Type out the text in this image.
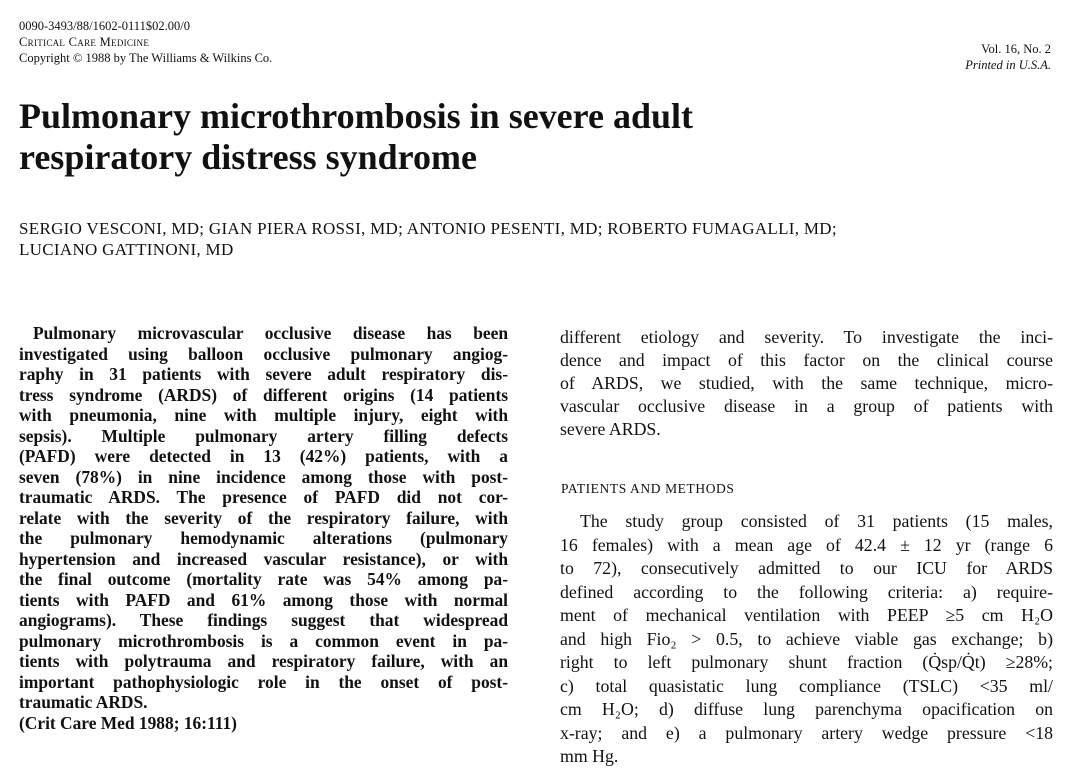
0090-3493/88/1602-0111$02.00/0
Critical Care Medicine
Copyright © 1988 by The Williams & Wilkins Co.
Vol. 16, No. 2
Printed in U.S.A.
Pulmonary microthrombosis in severe adult
respiratory distress syndrome
SERGIO VESCONI, MD; GIAN PIERA ROSSI, MD; ANTONIO PESENTI, MD; ROBERTO FUMAGALLI, MD;
LUCIANO GATTINONI, MD
Pulmonary microvascular occlusive disease has been
investigated using balloon occlusive pulmonary angiog-
raphy in 31 patients with severe adult respiratory dis-
tress syndrome (ARDS) of different origins (14 patients
with pneumonia, nine with multiple injury, eight with
sepsis). Multiple pulmonary artery filling defects
(PAFD) were detected in 13 (42%) patients, with a
seven (78%) in nine incidence among those with post-
traumatic ARDS. The presence of PAFD did not cor-
relate with the severity of the respiratory failure, with
the pulmonary hemodynamic alterations (pulmonary
hypertension and increased vascular resistance), or with
the final outcome (mortality rate was 54% among pa-
tients with PAFD and 61% among those with normal
angiograms). These findings suggest that widespread
pulmonary microthrombosis is a common event in pa-
tients with polytrauma and respiratory failure, with an
important pathophysiologic role in the onset of post-
traumatic ARDS.
(Crit Care Med 1988; 16:111)
different etiology and severity. To investigate the inci-
dence and impact of this factor on the clinical course
of ARDS, we studied, with the same technique, micro-
vascular occlusive disease in a group of patients with
severe ARDS.
PATIENTS AND METHODS
The study group consisted of 31 patients (15 males,
16 females) with a mean age of 42.4 ± 12 yr (range 6
to 72), consecutively admitted to our ICU for ARDS
defined according to the following criteria: a) require-
ment of mechanical ventilation with PEEP ≥5 cm H₂O
and high Fio₂ > 0.5, to achieve viable gas exchange; b)
right to left pulmonary shunt fraction (Q̇sp/Q̇t) ≥28%;
c) total quasistatic lung compliance (TSLC) <35 ml/
cm H₂O; d) diffuse lung parenchyma opacification on
x-ray; and e) a pulmonary artery wedge pressure <18
mm Hg.
